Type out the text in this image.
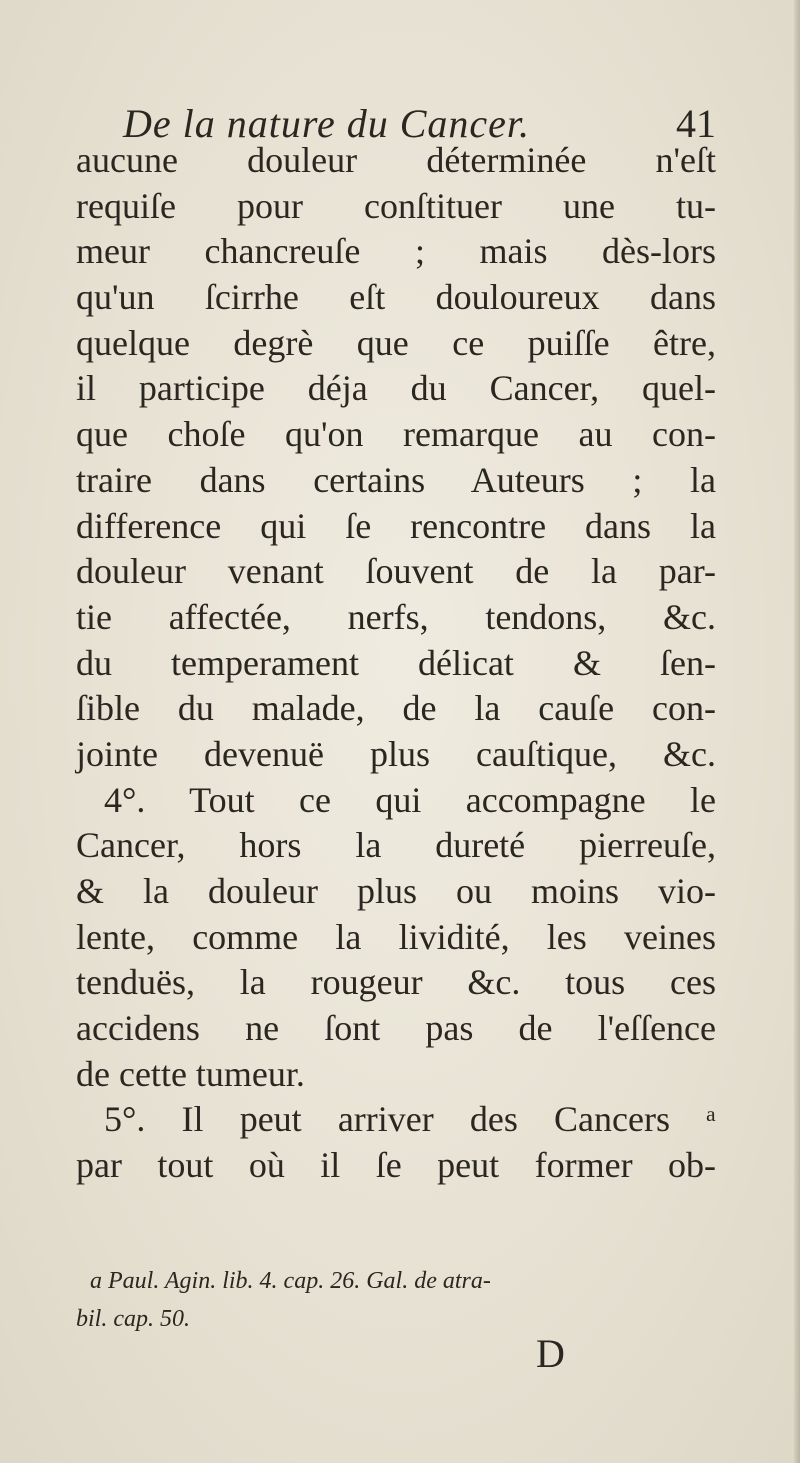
De la nature du Cancer.	41
aucune douleur déterminée n'eſt
requiſe pour conſtituer une tu-
meur chancreuſe ; mais dès-lors
qu'un ſcirrhe eſt douloureux dans
quelque degrè que ce puiſſe être,
il participe déja du Cancer, quel-
que choſe qu'on remarque au con-
traire dans certains Auteurs ; la
difference qui ſe rencontre dans la
douleur venant ſouvent de la par-
tie affectée, nerfs, tendons, &c.
du temperament délicat & ſen-
ſible du malade, de la cauſe con-
jointe devenuë plus cauſtique, &c.
4°. Tout ce qui accompagne le
Cancer, hors la dureté pierreuſe,
& la douleur plus ou moins vio-
lente, comme la lividité, les veines
tenduës, la rougeur &c. tous ces
accidens ne ſont pas de l'eſſence
de cette tumeur.
5°. Il peut arriver des Cancers ᵃ
par tout où il ſe peut former ob-
a Paul. Agin. lib. 4. cap. 26. Gal. de atra-
bil. cap. 50.
D
